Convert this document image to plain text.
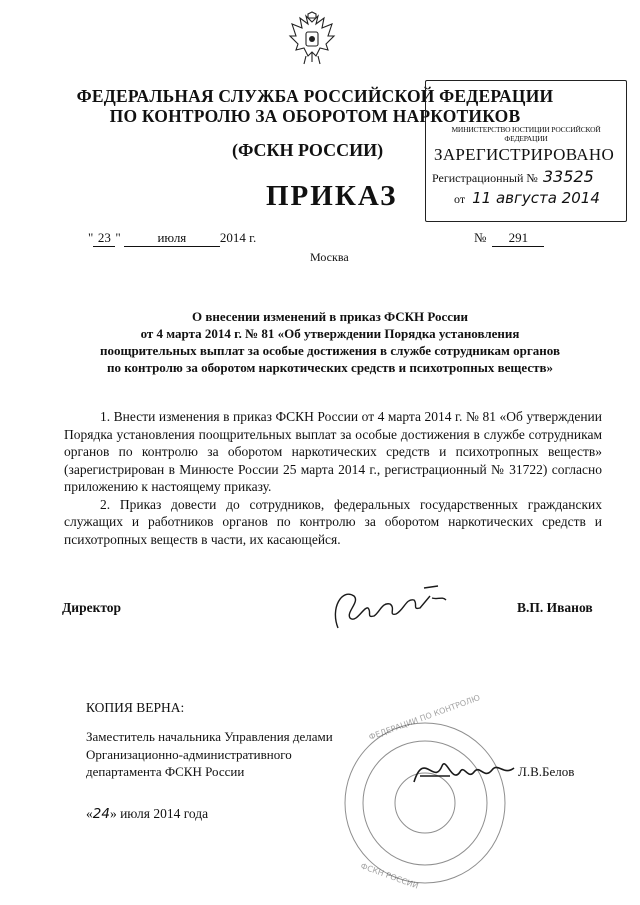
ФЕДЕРАЛЬНАЯ СЛУЖБА РОССИЙСКОЙ ФЕДЕРАЦИИ
ПО КОНТРОЛЮ ЗА ОБОРОТОМ НАРКОТИКОВ
(ФСКН РОССИИ)
ПРИКАЗ
МИНИСТЕРСТВО ЮСТИЦИИ РОССИЙСКОЙ ФЕДЕРАЦИИ
ЗАРЕГИСТРИРОВАНО
Регистрационный № 33525
от 11 августа 2014
" 23 "	июля	2014 г.	№ 291
Москва
О внесении изменений в приказ ФСКН России
от 4 марта 2014 г. № 81 «Об утверждении Порядка установления
поощрительных выплат за особые достижения в службе сотрудникам органов
по контролю за оборотом наркотических средств и психотропных веществ»

1. Внести изменения в приказ ФСКН России от 4 марта 2014 г. № 81 «Об утверждении Порядка установления поощрительных выплат за особые достижения в службе сотрудникам органов по контролю за оборотом наркотических средств и психотропных веществ» (зарегистрирован в Минюсте России 25 марта 2014 г., регистрационный № 31722) согласно приложению к настоящему приказу.

2. Приказ довести до сотрудников, федеральных государственных гражданских служащих и работников органов по контролю за оборотом наркотических средств и психотропных веществ в части, их касающейся.

Директор	В.П. Иванов
КОПИЯ ВЕРНА:
Заместитель начальника Управления делами
Организационно-административного
департамента ФСКН России
ФЕДЕРАЦИИ ПО КОНТРОЛЮ
ФСКН РОССИИ
Л.В.Белов
«24» июля 2014 года
